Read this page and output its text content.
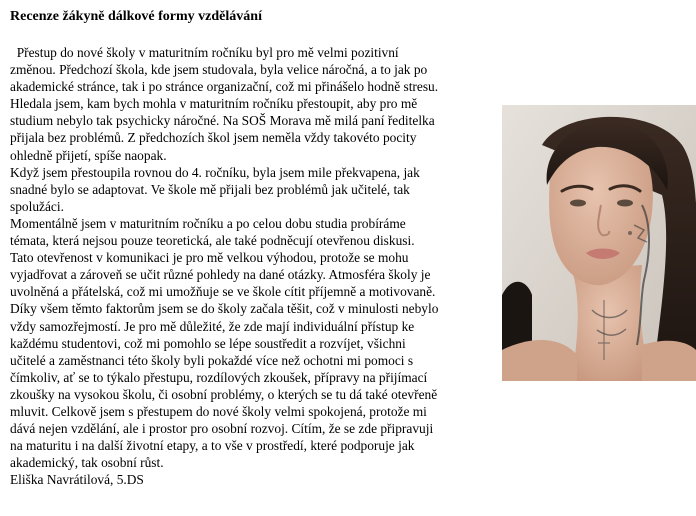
Recenze žákyně dálkové formy vzdělávání
Přestup do nové školy v maturitním ročníku byl pro mě velmi pozitivní
změnou. Předchozí škola, kde jsem studovala, byla velice náročná, a to jak po
akademické stránce, tak i po stránce organizační, což mi přinášelo hodně stresu.
Hledala jsem, kam bych mohla v maturitním ročníku přestoupit, aby pro mě
studium nebylo tak psychicky náročné. Na SOŠ Morava mě milá paní ředitelka
přijala bez problémů. Z předchozích škol jsem neměla vždy takovéto pocity
ohledně přijetí, spíše naopak.
Když jsem přestoupila rovnou do 4. ročníku, byla jsem mile překvapena, jak
snadné bylo se adaptovat. Ve škole mě přijali bez problémů jak učitelé, tak
spolužáci.
Momentálně jsem v maturitním ročníku a po celou dobu studia probíráme
témata, která nejsou pouze teoretická, ale také podněcují otevřenou diskusi.
Tato otevřenost v komunikaci je pro mě velkou výhodou, protože se mohu
vyjadřovat a zároveň se učit různé pohledy na dané otázky. Atmosféra školy je
uvolněná a přátelská, což mi umožňuje se ve škole cítit příjemně a motivovaně.
Díky všem těmto faktorům jsem se do školy začala těšit, což v minulosti nebylo
vždy samozřejmostí. Je pro mě důležité, že zde mají individuální přístup ke
každému studentovi, což mi pomohlo se lépe soustředit a rozvíjet, všichni
učitelé a zaměstnanci této školy byli pokaždé více než ochotni mi pomoci s
čímkoliv, ať se to týkalo přestupu, rozdílových zkoušek, přípravy na přijímací
zkoušky na vysokou školu, či osobní problémy, o kterých se tu dá také otevřeně
mluvit. Celkově jsem s přestupem do nové školy velmi spokojená, protože mi
dává nejen vzdělání, ale i prostor pro osobní rozvoj. Cítím, že se zde připravuji
na maturitu i na další životní etapy, a to vše v prostředí, které podporuje jak
akademický, tak osobní růst.
Eliška Navrátilová, 5.DS
